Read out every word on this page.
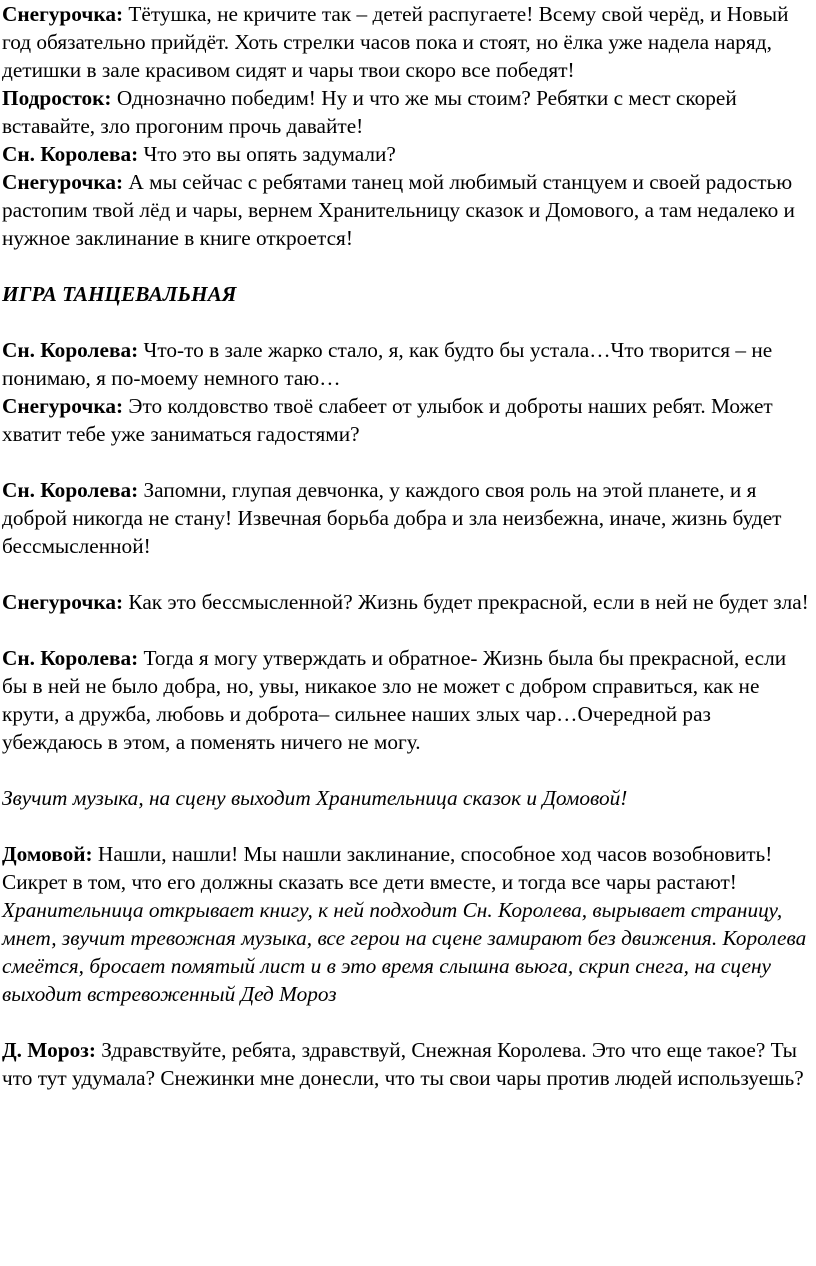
Снегурочка: Тётушка, не кричите так – детей распугаете! Всему свой черёд, и Новый год обязательно прийдёт. Хоть стрелки часов пока и стоят, но ёлка уже надела наряд, детишки в зале красивом сидят и чары твои скоро все победят!

Подросток: Однозначно победим! Ну и что же мы стоим? Ребятки с мест скорей вставайте, зло прогоним прочь давайте!

Сн. Королева: Что это вы опять задумали?

Снегурочка: А мы сейчас с ребятами танец мой любимый станцуем и своей радостью растопим твой лёд и чары, вернем Хранительницу сказок и Домового, а там недалеко и нужное заклинание в книге откроется!

ИГРА ТАНЦЕВАЛЬНАЯ

Сн. Королева: Что-то в зале жарко стало, я, как будто бы устала…Что творится – не понимаю, я по-моему немного таю…

Снегурочка: Это колдовство твоё слабеет от улыбок и доброты наших ребят. Может хватит тебе уже заниматься гадостями?

Сн. Королева: Запомни, глупая девчонка, у каждого своя роль на этой планете, и я доброй никогда не стану! Извечная борьба добра и зла неизбежна, иначе, жизнь будет бессмысленной!

Снегурочка: Как это бессмысленной? Жизнь будет прекрасной, если в ней не будет зла!

Сн. Королева: Тогда я могу утверждать и обратное- Жизнь была бы прекрасной, если бы в ней не было добра, но, увы, никакое зло не может с добром справиться, как не крути, а дружба, любовь и доброта– сильнее наших злых чар…Очередной раз убеждаюсь в этом, а поменять ничего не могу.

Звучит музыка, на сцену выходит Хранительница сказок и Домовой!

Домовой: Нашли, нашли! Мы нашли заклинание, способное ход часов возобновить! Сикрет в том, что его должны сказать все дети вместе, и тогда все чары растают!

Хранительница открывает книгу, к ней подходит Сн. Королева, вырывает страницу, мнет, звучит тревожная музыка, все герои на сцене замирают без движения. Королева смеётся, бросает помятый лист и в это время слышна вьюга, скрип снега, на сцену выходит встревоженный Дед Мороз

Д. Мороз: Здравствуйте, ребята, здравствуй, Снежная Королева. Это что еще такое? Ты что тут удумала? Снежинки мне донесли, что ты свои чары против людей используешь?
